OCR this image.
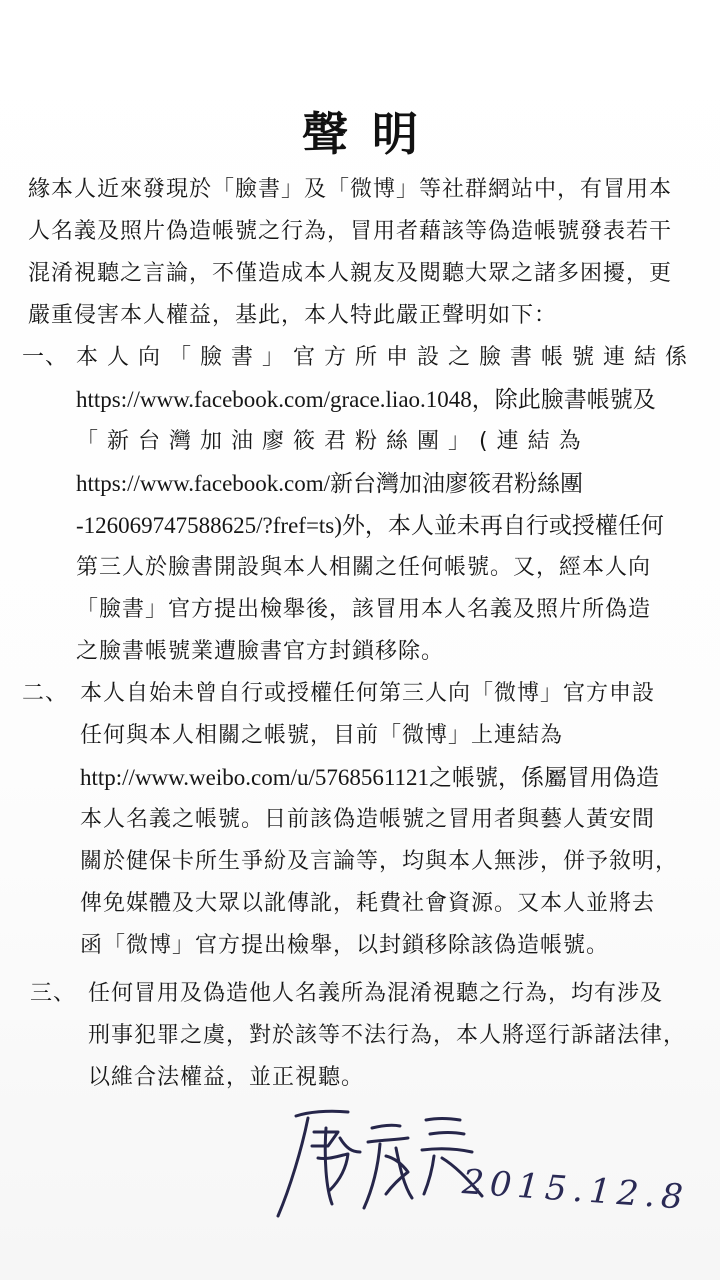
聲明
緣本人近來發現於「臉書」及「微博」等社群網站中，有冒用本
人名義及照片偽造帳號之行為，冒用者藉該等偽造帳號發表若干
混淆視聽之言論，不僅造成本人親友及閱聽大眾之諸多困擾，更
嚴重侵害本人權益，基此，本人特此嚴正聲明如下：
一、 本人向「臉書」官方所申設之臉書帳號連結係
https://www.facebook.com/grace.liao.1048，除此臉書帳號及
「新台灣加油廖筱君粉絲團」(連結為
https://www.facebook.com/新台灣加油廖筱君粉絲團
-126069747588625/?fref=ts)外，本人並未再自行或授權任何
第三人於臉書開設與本人相關之任何帳號。又，經本人向
「臉書」官方提出檢舉後，該冒用本人名義及照片所偽造
之臉書帳號業遭臉書官方封鎖移除。
二、 本人自始未曾自行或授權任何第三人向「微博」官方申設
任何與本人相關之帳號，目前「微博」上連結為
http://www.weibo.com/u/5768561121之帳號，係屬冒用偽造
本人名義之帳號。日前該偽造帳號之冒用者與藝人黃安間
關於健保卡所生爭紛及言論等，均與本人無涉，併予敘明，
俾免媒體及大眾以訛傳訛，耗費社會資源。又本人並將去
函「微博」官方提出檢舉，以封鎖移除該偽造帳號。
三、 任何冒用及偽造他人名義所為混淆視聽之行為，均有涉及
刑事犯罪之虞，對於該等不法行為，本人將逕行訴諸法律，
以維合法權益，並正視聽。
2015.12.8
